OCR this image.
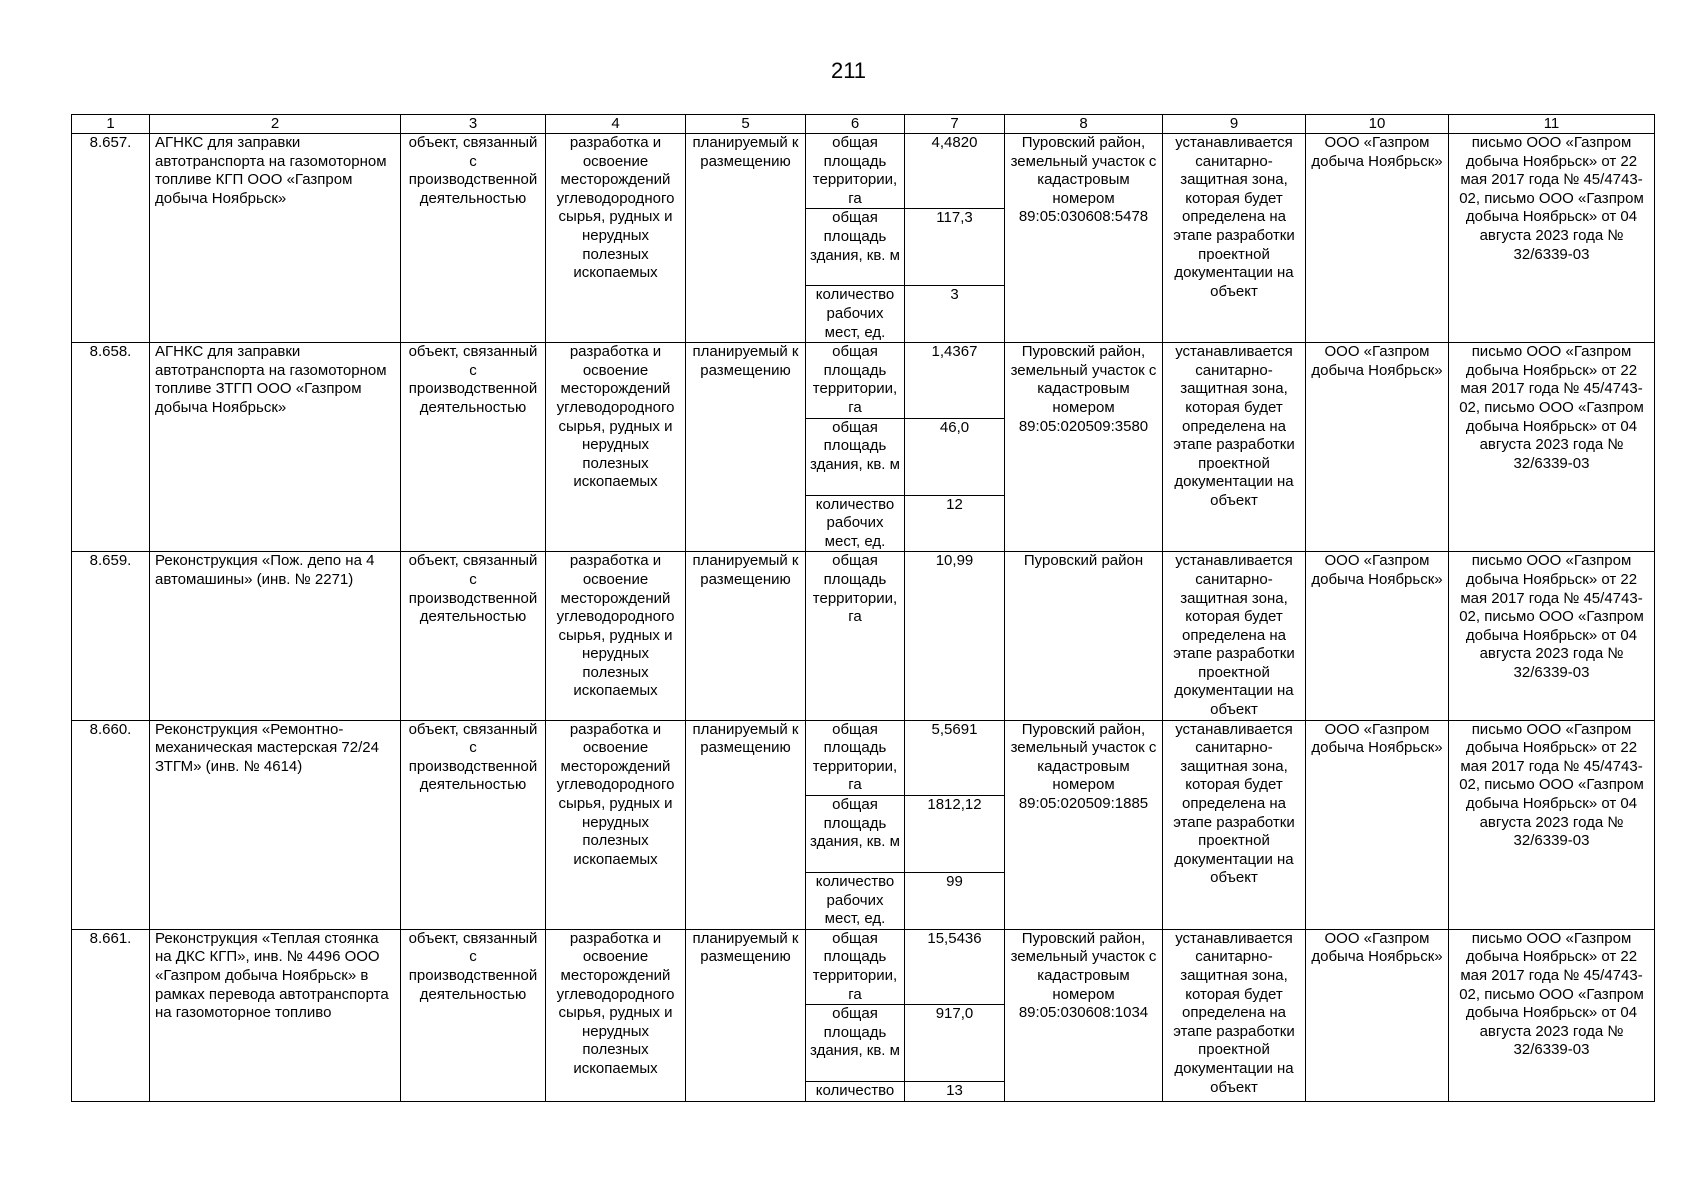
211
1	2	3	4	5	6	7	8	9	10	11
8.657.	АГНКС для заправки автотранспорта на газомоторном топливе КГП ООО «Газпром добыча Ноябрьск»	объект, связанный с производственной деятельностью	разработка и освоение месторождений углеводородного сырья, рудных и нерудных полезных ископаемых	планируемый к размещению	общая площадь территории, га	4,4820	Пуровский район, земельный участок с кадастровым номером 89:05:030608:5478	устанавливается санитарно-защитная зона, которая будет определена на этапе разработки проектной документации на объект	ООО «Газпром добыча Ноябрьск»	письмо ООО «Газпром добыча Ноябрьск» от 22 мая 2017 года № 45/4743-02, письмо ООО «Газпром добыча Ноябрьск» от 04 августа 2023 года № 32/6339-03
					общая площадь здания, кв. м	117,3				
					количество рабочих мест, ед.	3				
8.658.	АГНКС для заправки автотранспорта на газомоторном топливе ЗТГП ООО «Газпром добыча Ноябрьск»	объект, связанный с производственной деятельностью	разработка и освоение месторождений углеводородного сырья, рудных и нерудных полезных ископаемых	планируемый к размещению	общая площадь территории, га	1,4367	Пуровский район, земельный участок с кадастровым номером 89:05:020509:3580	устанавливается санитарно-защитная зона, которая будет определена на этапе разработки проектной документации на объект	ООО «Газпром добыча Ноябрьск»	письмо ООО «Газпром добыча Ноябрьск» от 22 мая 2017 года № 45/4743-02, письмо ООО «Газпром добыча Ноябрьск» от 04 августа 2023 года № 32/6339-03
					общая площадь здания, кв. м	46,0				
					количество рабочих мест, ед.	12				
8.659.	Реконструкция «Пож. депо на 4 автомашины» (инв. № 2271)	объект, связанный с производственной деятельностью	разработка и освоение месторождений углеводородного сырья, рудных и нерудных полезных ископаемых	планируемый к размещению	общая площадь территории, га	10,99	Пуровский район	устанавливается санитарно-защитная зона, которая будет определена на этапе разработки проектной документации на объект	ООО «Газпром добыча Ноябрьск»	письмо ООО «Газпром добыча Ноябрьск» от 22 мая 2017 года № 45/4743-02, письмо ООО «Газпром добыча Ноябрьск» от 04 августа 2023 года № 32/6339-03
8.660.	Реконструкция «Ремонтно-механическая мастерская 72/24 ЗТГМ» (инв. № 4614)	объект, связанный с производственной деятельностью	разработка и освоение месторождений углеводородного сырья, рудных и нерудных полезных ископаемых	планируемый к размещению	общая площадь территории, га	5,5691	Пуровский район, земельный участок с кадастровым номером 89:05:020509:1885	устанавливается санитарно-защитная зона, которая будет определена на этапе разработки проектной документации на объект	ООО «Газпром добыча Ноябрьск»	письмо ООО «Газпром добыча Ноябрьск» от 22 мая 2017 года № 45/4743-02, письмо ООО «Газпром добыча Ноябрьск» от 04 августа 2023 года № 32/6339-03
					общая площадь здания, кв. м	1812,12				
					количество рабочих мест, ед.	99				
8.661.	Реконструкция «Теплая стоянка на ДКС КГП», инв. № 4496 ООО «Газпром добыча Ноябрьск» в рамках перевода автотранспорта на газомоторное топливо	объект, связанный с производственной деятельностью	разработка и освоение месторождений углеводородного сырья, рудных и нерудных полезных ископаемых	планируемый к размещению	общая площадь территории, га	15,5436	Пуровский район, земельный участок с кадастровым номером 89:05:030608:1034	устанавливается санитарно-защитная зона, которая будет определена на этапе разработки проектной документации на объект	ООО «Газпром добыча Ноябрьск»	письмо ООО «Газпром добыча Ноябрьск» от 22 мая 2017 года № 45/4743-02, письмо ООО «Газпром добыча Ноябрьск» от 04 августа 2023 года № 32/6339-03
					общая площадь здания, кв. м	917,0				
					количество	13				
